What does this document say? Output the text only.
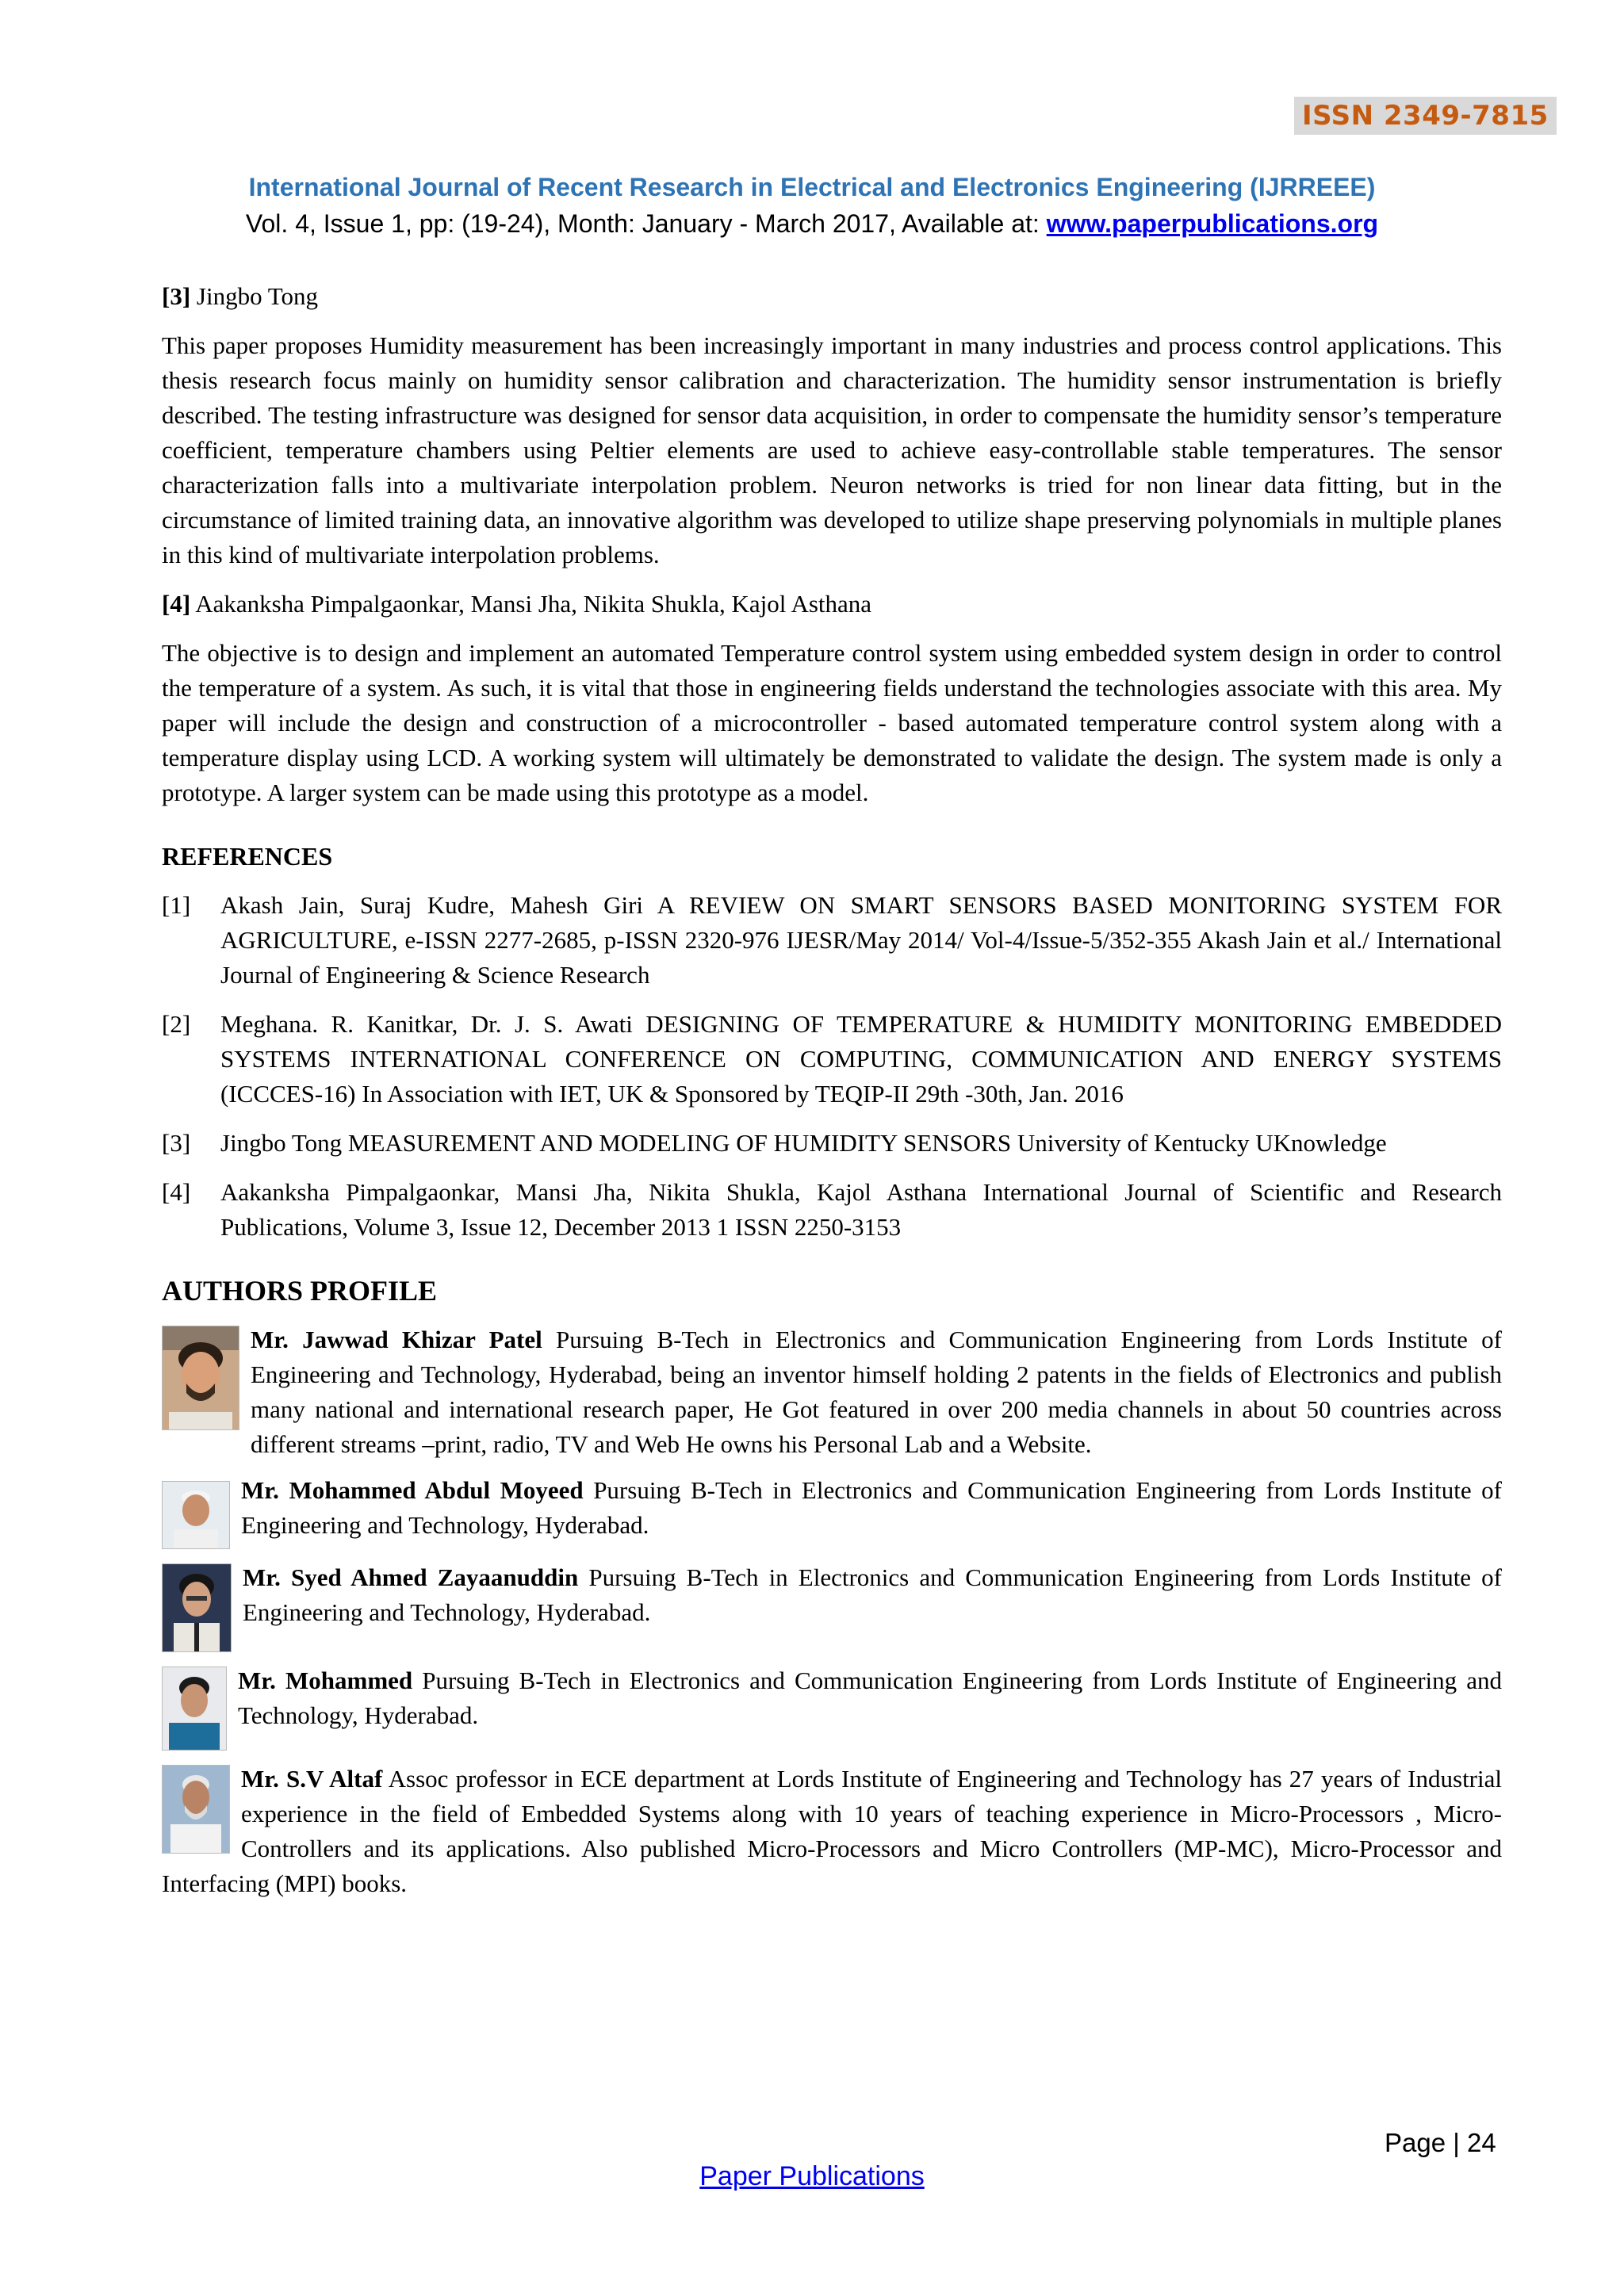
ISSN 2349-7815
International Journal of Recent Research in Electrical and Electronics Engineering (IJRREEE)
Vol. 4, Issue 1, pp: (19-24), Month: January - March 2017, Available at: www.paperpublications.org

[3] Jingbo Tong

This paper proposes Humidity measurement has been increasingly important in many industries and process control applications. This thesis research focus mainly on humidity sensor calibration and characterization. The humidity sensor instrumentation is briefly described. The testing infrastructure was designed for sensor data acquisition, in order to compensate the humidity sensor’s temperature coefficient, temperature chambers using Peltier elements are used to achieve easy-controllable stable temperatures. The sensor characterization falls into a multivariate interpolation problem. Neuron networks is tried for non linear data fitting, but in the circumstance of limited training data, an innovative algorithm was developed to utilize shape preserving polynomials in multiple planes in this kind of multivariate interpolation problems.

[4] Aakanksha Pimpalgaonkar, Mansi Jha, Nikita Shukla, Kajol Asthana

The objective is to design and implement an automated Temperature control system using embedded system design in order to control the temperature of a system. As such, it is vital that those in engineering fields understand the technologies associate with this area. My paper will include the design and construction of a microcontroller - based automated temperature control system along with a temperature display using LCD. A working system will ultimately be demonstrated to validate the design. The system made is only a prototype. A larger system can be made using this prototype as a model.

REFERENCES

[1]	Akash Jain, Suraj Kudre, Mahesh Giri A REVIEW ON SMART SENSORS BASED MONITORING SYSTEM FOR AGRICULTURE, e-ISSN 2277-2685, p-ISSN 2320-976 IJESR/May 2014/ Vol-4/Issue-5/352-355 Akash Jain et al./ International Journal of Engineering & Science Research
[2]	Meghana. R. Kanitkar, Dr. J. S. Awati DESIGNING OF TEMPERATURE & HUMIDITY MONITORING EMBEDDED SYSTEMS INTERNATIONAL CONFERENCE ON COMPUTING, COMMUNICATION AND ENERGY SYSTEMS (ICCCES-16) In Association with IET, UK & Sponsored by TEQIP-II 29th -30th, Jan. 2016
[3]	Jingbo Tong MEASUREMENT AND MODELING OF HUMIDITY SENSORS University of Kentucky UKnowledge
[4]	Aakanksha Pimpalgaonkar, Mansi Jha, Nikita Shukla, Kajol Asthana International Journal of Scientific and Research Publications, Volume 3, Issue 12, December 2013 1 ISSN 2250-3153

AUTHORS PROFILE

Mr. Jawwad Khizar Patel Pursuing B-Tech in Electronics and Communication Engineering from Lords Institute of Engineering and Technology, Hyderabad, being an inventor himself holding 2 patents in the fields of Electronics and publish many national and international research paper, He Got featured in over 200 media channels in about 50 countries across different streams –print, radio, TV and Web He owns his Personal Lab and a Website.

Mr. Mohammed Abdul Moyeed Pursuing B-Tech in Electronics and Communication Engineering from Lords Institute of Engineering and Technology, Hyderabad.

Mr. Syed Ahmed Zayaanuddin Pursuing B-Tech in Electronics and Communication Engineering from Lords Institute of Engineering and Technology, Hyderabad.

Mr. Mohammed Pursuing B-Tech in Electronics and Communication Engineering from Lords Institute of Engineering and Technology, Hyderabad.

Mr. S.V Altaf Assoc professor in ECE department at Lords Institute of Engineering and Technology has 27 years of Industrial experience in the field of Embedded Systems along with 10 years of teaching experience in Micro-Processors , Micro-Controllers and its applications. Also published Micro-Processors and Micro Controllers (MP-MC), Micro-Processor and Interfacing (MPI) books.

Page | 24
Paper Publications
